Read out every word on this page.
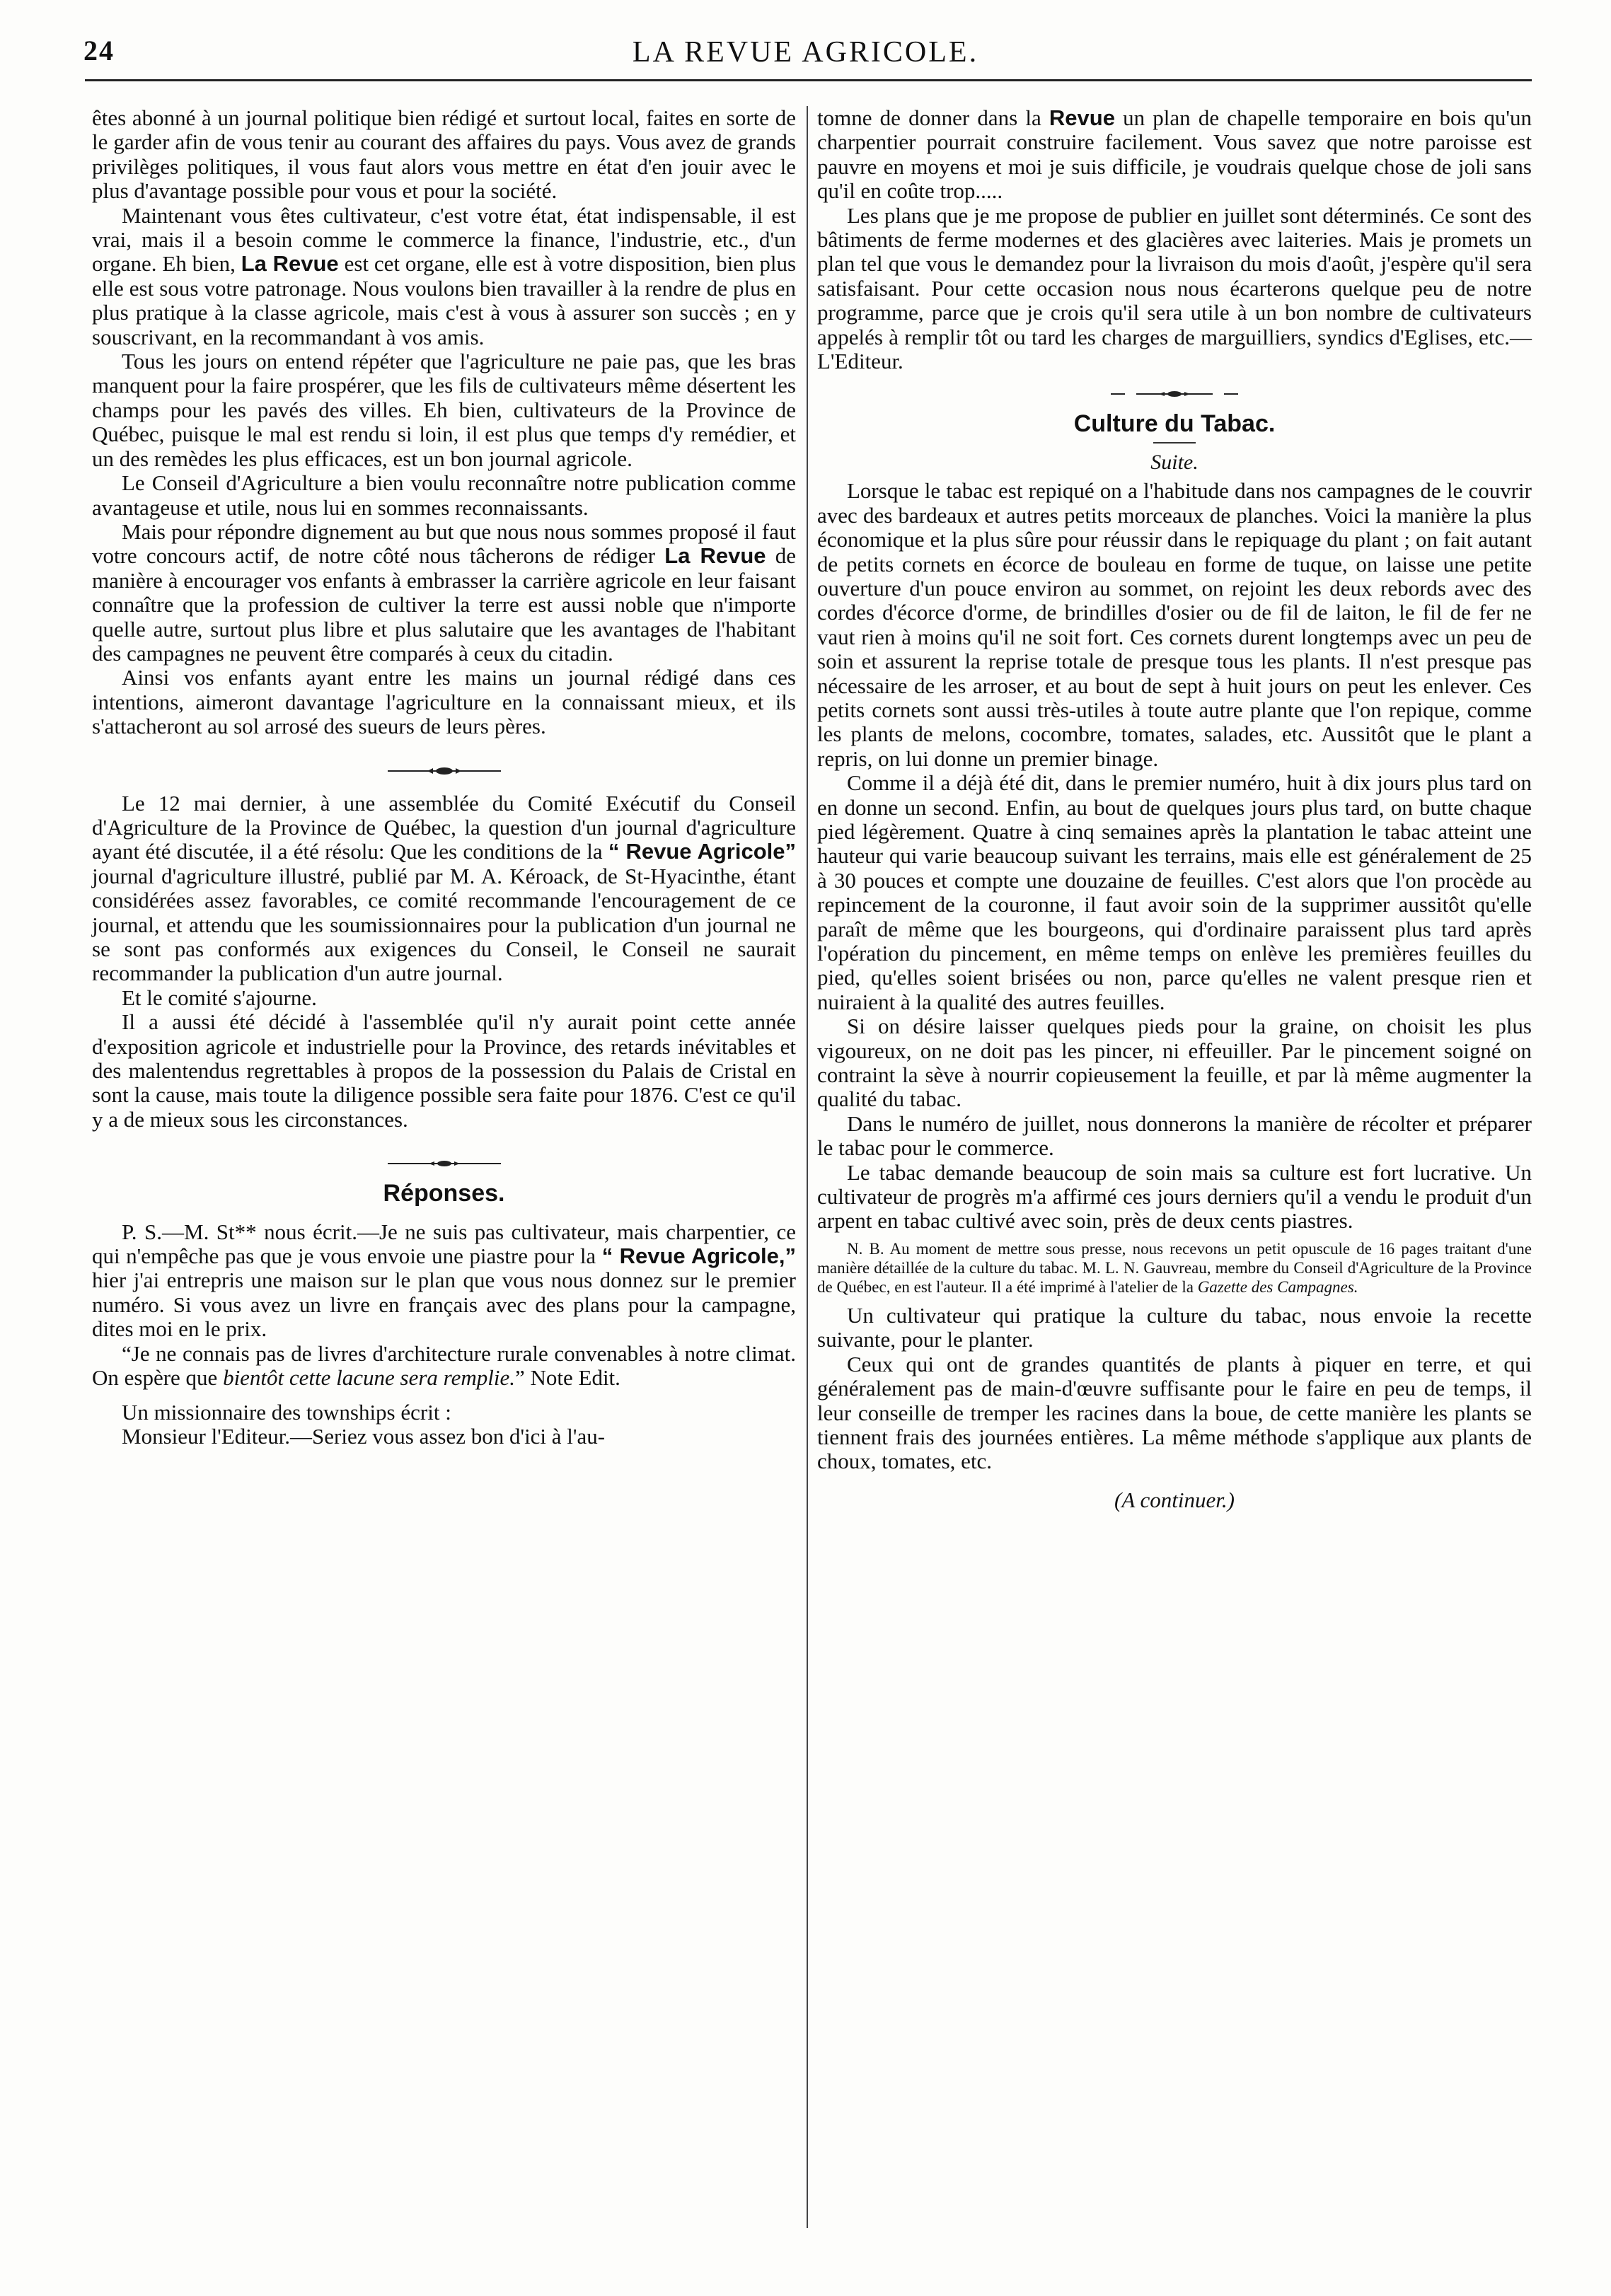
24	LA REVUE AGRICOLE.

êtes abonné à un journal politique bien rédigé et surtout local, faites en sorte de le garder afin de vous tenir au courant des affaires du pays. Vous avez de grands privilèges politiques, il vous faut alors vous mettre en état d'en jouir avec le plus d'avantage possible pour vous et pour la société.

Maintenant vous êtes cultivateur, c'est votre état, état indispensable, il est vrai, mais il a besoin comme le commerce la finance, l'industrie, etc., d'un organe. Eh bien, La Revue est cet organe, elle est à votre disposition, bien plus elle est sous votre patronage. Nous voulons bien travailler à la rendre de plus en plus pratique à la classe agricole, mais c'est à vous à assurer son succès ; en y souscrivant, en la recommandant à vos amis.

Tous les jours on entend répéter que l'agriculture ne paie pas, que les bras manquent pour la faire prospérer, que les fils de cultivateurs même désertent les champs pour les pavés des villes. Eh bien, cultivateurs de la Province de Québec, puisque le mal est rendu si loin, il est plus que temps d'y remédier, et un des remèdes les plus efficaces, est un bon journal agricole.

Le Conseil d'Agriculture a bien voulu reconnaître notre publication comme avantageuse et utile, nous lui en sommes reconnaissants.

Mais pour répondre dignement au but que nous nous sommes proposé il faut votre concours actif, de notre côté nous tâcherons de rédiger La Revue de manière à encourager vos enfants à embrasser la carrière agricole en leur faisant connaître que la profession de cultiver la terre est aussi noble que n'importe quelle autre, surtout plus libre et plus salutaire que les avantages de l'habitant des campagnes ne peuvent être comparés à ceux du citadin.

Ainsi vos enfants ayant entre les mains un journal rédigé dans ces intentions, aimeront davantage l'agriculture en la connaissant mieux, et ils s'attacheront au sol arrosé des sueurs de leurs pères.

Le 12 mai dernier, à une assemblée du Comité Exécutif du Conseil d'Agriculture de la Province de Québec, la question d'un journal d'agriculture ayant été discutée, il a été résolu: Que les conditions de la “ Revue Agricole” journal d'agriculture illustré, publié par M. A. Kéroack, de St-Hyacinthe, étant considérées assez favorables, ce comité recommande l'encouragement de ce journal, et attendu que les soumissionnaires pour la publication d'un journal ne se sont pas conformés aux exigences du Conseil, le Conseil ne saurait recommander la publication d'un autre journal.

Et le comité s'ajourne.

Il a aussi été décidé à l'assemblée qu'il n'y aurait point cette année d'exposition agricole et industrielle pour la Province, des retards inévitables et des malentendus regrettables à propos de la possession du Palais de Cristal en sont la cause, mais toute la diligence possible sera faite pour 1876. C'est ce qu'il y a de mieux sous les circonstances.

Réponses.

P. S.—M. St** nous écrit.—Je ne suis pas cultivateur, mais charpentier, ce qui n'empêche pas que je vous envoie une piastre pour la “ Revue Agricole,” hier j'ai entrepris une maison sur le plan que vous nous donnez sur le premier numéro. Si vous avez un livre en français avec des plans pour la campagne, dites moi en le prix.

“Je ne connais pas de livres d'architecture rurale convenables à notre climat. On espère que bientôt cette lacune sera remplie.” Note Edit.

Un missionnaire des townships écrit :

Monsieur l'Editeur.—Seriez vous assez bon d'ici à l'au-

tomne de donner dans la Revue un plan de chapelle temporaire en bois qu'un charpentier pourrait construire facilement. Vous savez que notre paroisse est pauvre en moyens et moi je suis difficile, je voudrais quelque chose de joli sans qu'il en coûte trop.....

Les plans que je me propose de publier en juillet sont déterminés. Ce sont des bâtiments de ferme modernes et des glacières avec laiteries. Mais je promets un plan tel que vous le demandez pour la livraison du mois d'août, j'espère qu'il sera satisfaisant. Pour cette occasion nous nous écarterons quelque peu de notre programme, parce que je crois qu'il sera utile à un bon nombre de cultivateurs appelés à remplir tôt ou tard les charges de marguilliers, syndics d'Eglises, etc.—L'Editeur.

Culture du Tabac.
Suite.

Lorsque le tabac est repiqué on a l'habitude dans nos campagnes de le couvrir avec des bardeaux et autres petits morceaux de planches. Voici la manière la plus économique et la plus sûre pour réussir dans le repiquage du plant ; on fait autant de petits cornets en écorce de bouleau en forme de tuque, on laisse une petite ouverture d'un pouce environ au sommet, on rejoint les deux rebords avec des cordes d'écorce d'orme, de brindilles d'osier ou de fil de laiton, le fil de fer ne vaut rien à moins qu'il ne soit fort. Ces cornets durent longtemps avec un peu de soin et assurent la reprise totale de presque tous les plants. Il n'est presque pas nécessaire de les arroser, et au bout de sept à huit jours on peut les enlever. Ces petits cornets sont aussi très-utiles à toute autre plante que l'on repique, comme les plants de melons, cocombre, tomates, salades, etc. Aussitôt que le plant a repris, on lui donne un premier binage.

Comme il a déjà été dit, dans le premier numéro, huit à dix jours plus tard on en donne un second. Enfin, au bout de quelques jours plus tard, on butte chaque pied légèrement. Quatre à cinq semaines après la plantation le tabac atteint une hauteur qui varie beaucoup suivant les terrains, mais elle est généralement de 25 à 30 pouces et compte une douzaine de feuilles. C'est alors que l'on procède au repincement de la couronne, il faut avoir soin de la supprimer aussitôt qu'elle paraît de même que les bourgeons, qui d'ordinaire paraissent plus tard après l'opération du pincement, en même temps on enlève les premières feuilles du pied, qu'elles soient brisées ou non, parce qu'elles ne valent presque rien et nuiraient à la qualité des autres feuilles.

Si on désire laisser quelques pieds pour la graine, on choisit les plus vigoureux, on ne doit pas les pincer, ni effeuiller. Par le pincement soigné on contraint la sève à nourrir copieusement la feuille, et par là même augmenter la qualité du tabac.

Dans le numéro de juillet, nous donnerons la manière de récolter et préparer le tabac pour le commerce.

Le tabac demande beaucoup de soin mais sa culture est fort lucrative. Un cultivateur de progrès m'a affirmé ces jours derniers qu'il a vendu le produit d'un arpent en tabac cultivé avec soin, près de deux cents piastres.

N. B. Au moment de mettre sous presse, nous recevons un petit opuscule de 16 pages traitant d'une manière détaillée de la culture du tabac. M. L. N. Gauvreau, membre du Conseil d'Agriculture de la Province de Québec, en est l'auteur. Il a été imprimé à l'atelier de la Gazette des Campagnes.

Un cultivateur qui pratique la culture du tabac, nous envoie la recette suivante, pour le planter.

Ceux qui ont de grandes quantités de plants à piquer en terre, et qui généralement pas de main-d'œuvre suffisante pour le faire en peu de temps, il leur conseille de tremper les racines dans la boue, de cette manière les plants se tiennent frais des journées entières. La même méthode s'applique aux plants de choux, tomates, etc.

(A continuer.)
